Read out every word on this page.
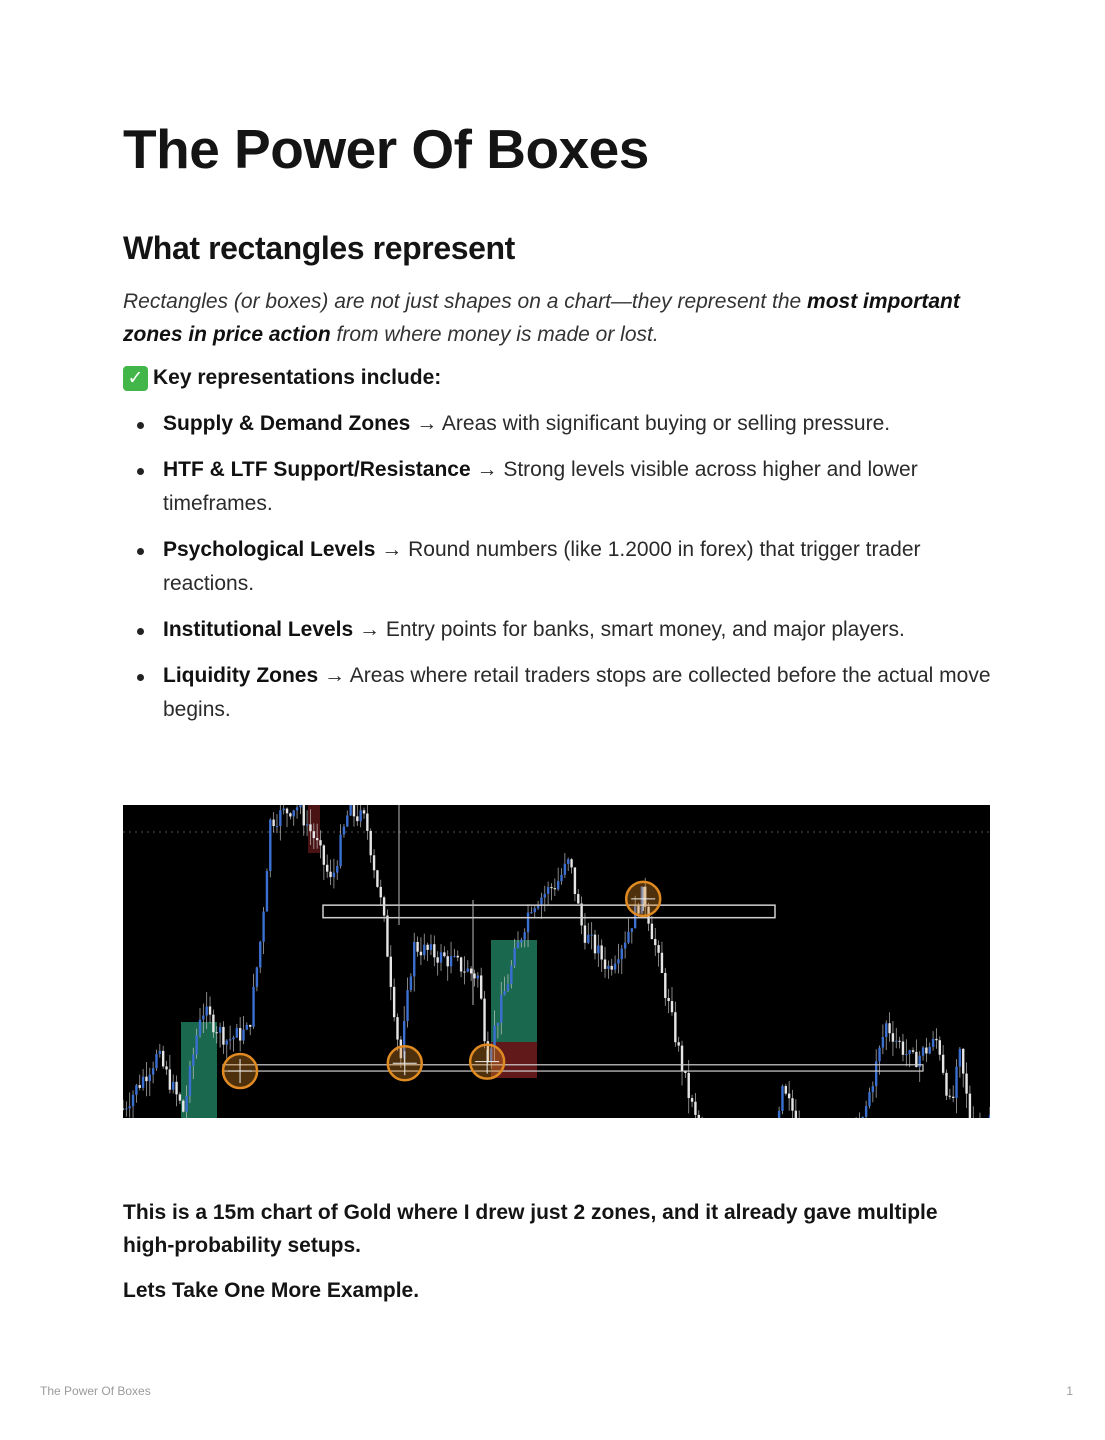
The Power Of Boxes
What rectangles represent

Rectangles (or boxes) are not just shapes on a chart—they represent the most important zones in price action from where money is made or lost.

✓ Key representations include:

Supply & Demand Zones → Areas with significant buying or selling pressure.
HTF & LTF Support/Resistance → Strong levels visible across higher and lower timeframes.
Psychological Levels → Round numbers (like 1.2000 in forex) that trigger trader reactions.
Institutional Levels → Entry points for banks, smart money, and major players.
Liquidity Zones → Areas where retail traders stops are collected before the actual move begins.

This is a 15m chart of Gold where I drew just 2 zones, and it already gave multiple high-probability setups.

Lets Take One More Example.

The Power Of Boxes	1
